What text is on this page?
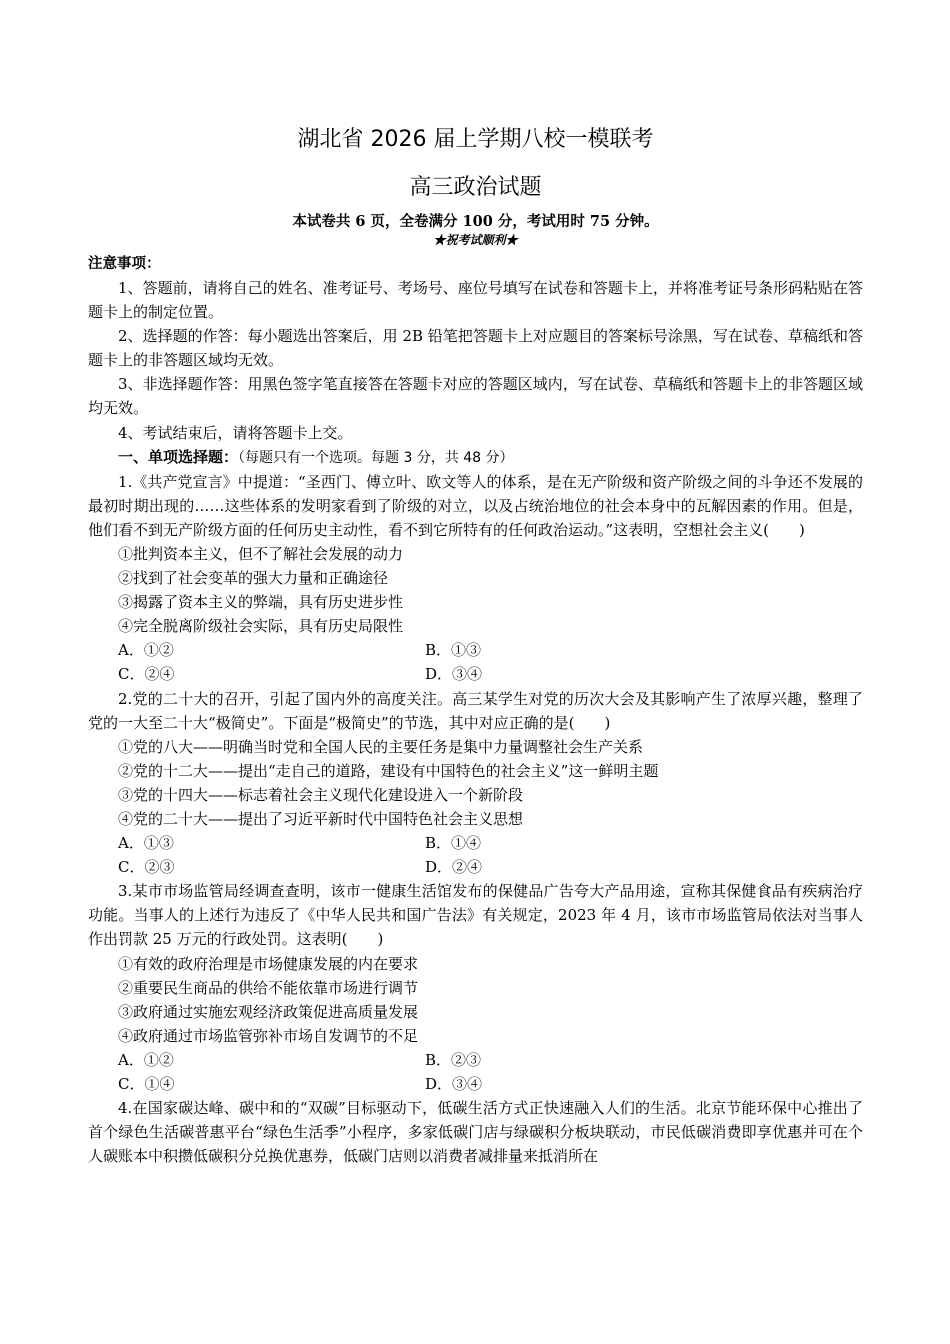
湖北省 2026 届上学期八校一模联考
高三政治试题
本试卷共 6 页，全卷满分 100 分，考试用时 75 分钟。
★祝考试顺利★
注意事项：

1、答题前，请将自己的姓名、准考证号、考场号、座位号填写在试卷和答题卡上，并将准考证号条形码粘贴在答题卡上的制定位置。

2、选择题的作答：每小题选出答案后，用 2B 铅笔把答题卡上对应题目的答案标号涂黑，写在试卷、草稿纸和答题卡上的非答题区域均无效。

3、非选择题作答：用黑色签字笔直接答在答题卡对应的答题区域内，写在试卷、草稿纸和答题卡上的非答题区域均无效。

4、考试结束后，请将答题卡上交。

一、单项选择题：（每题只有一个选项。每题 3 分，共 48 分）

1.《共产党宣言》中提道：“圣西门、傅立叶、欧文等人的体系，是在无产阶级和资产阶级之间的斗争还不发展的最初时期出现的……这些体系的发明家看到了阶级的对立，以及占统治地位的社会本身中的瓦解因素的作用。但是，他们看不到无产阶级方面的任何历史主动性，看不到它所特有的任何政治运动。”这表明，空想社会主义(　　)

①批判资本主义，但不了解社会发展的动力
②找到了社会变革的强大力量和正确途径
③揭露了资本主义的弊端，具有历史进步性
④完全脱离阶级社会实际，具有历史局限性
A．①②	B．①③
C．②④	D．③④

2.党的二十大的召开，引起了国内外的高度关注。高三某学生对党的历次大会及其影响产生了浓厚兴趣，整理了党的一大至二十大“极简史”。下面是“极简史”的节选，其中对应正确的是(　　)

①党的八大——明确当时党和全国人民的主要任务是集中力量调整社会生产关系
②党的十二大——提出“走自己的道路，建设有中国特色的社会主义”这一鲜明主题
③党的十四大——标志着社会主义现代化建设进入一个新阶段
④党的二十大——提出了习近平新时代中国特色社会主义思想
A．①③	B．①④
C．②③	D．②④

3.某市市场监管局经调查查明，该市一健康生活馆发布的保健品广告夸大产品用途，宣称其保健食品有疾病治疗功能。当事人的上述行为违反了《中华人民共和国广告法》有关规定，2023 年 4 月，该市市场监管局依法对当事人作出罚款 25 万元的行政处罚。这表明(　　)

①有效的政府治理是市场健康发展的内在要求
②重要民生商品的供给不能依靠市场进行调节
③政府通过实施宏观经济政策促进高质量发展
④政府通过市场监管弥补市场自发调节的不足
A．①②	B．②③
C．①④	D．③④

4.在国家碳达峰、碳中和的“双碳”目标驱动下，低碳生活方式正快速融入人们的生活。北京节能环保中心推出了首个绿色生活碳普惠平台“绿色生活季”小程序，多家低碳门店与绿碳积分板块联动，市民低碳消费即享优惠并可在个人碳账本中积攒低碳积分兑换优惠券，低碳门店则以消费者减排量来抵消所在
